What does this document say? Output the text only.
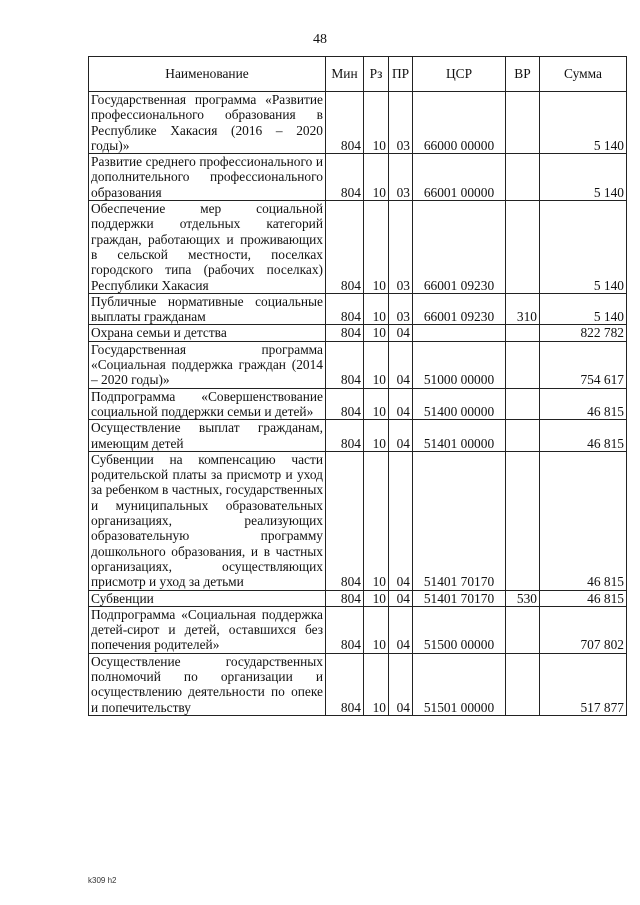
48
Наименование	Мин	Рз	ПР	ЦСР	ВР	Сумма
Государственная программа «Развитие профессионального образования в Республике Хакасия (2016 – 2020 годы)»	804	10	03	66000 00000		5 140
Развитие среднего профессионального и дополнительного профессионального образования	804	10	03	66001 00000		5 140
Обеспечение мер социальной поддержки отдельных категорий граждан, работающих и проживающих в сельской местности, поселках городского типа (рабочих поселках) Республики Хакасия	804	10	03	66001 09230		5 140
Публичные нормативные социальные выплаты гражданам	804	10	03	66001 09230	310	5 140
Охрана семьи и детства	804	10	04			822 782
Государственная программа «Социальная поддержка граждан (2014 – 2020 годы)»	804	10	04	51000 00000		754 617
Подпрограмма «Совершенствование социальной поддержки семьи и детей»	804	10	04	51400 00000		46 815
Осуществление выплат гражданам, имеющим детей	804	10	04	51401 00000		46 815
Субвенции на компенсацию части родительской платы за присмотр и уход за ребенком в частных, государственных и муниципальных образовательных организациях, реализующих образовательную программу дошкольного образования, и в частных организациях, осуществляющих присмотр и уход за детьми	804	10	04	51401 70170		46 815
Субвенции	804	10	04	51401 70170	530	46 815
Подпрограмма «Социальная поддержка детей-сирот и детей, оставшихся без попечения родителей»	804	10	04	51500 00000		707 802
Осуществление государственных полномочий по организации и осуществлению деятельности по опеке и попечительству	804	10	04	51501 00000		517 877
k309 h2
